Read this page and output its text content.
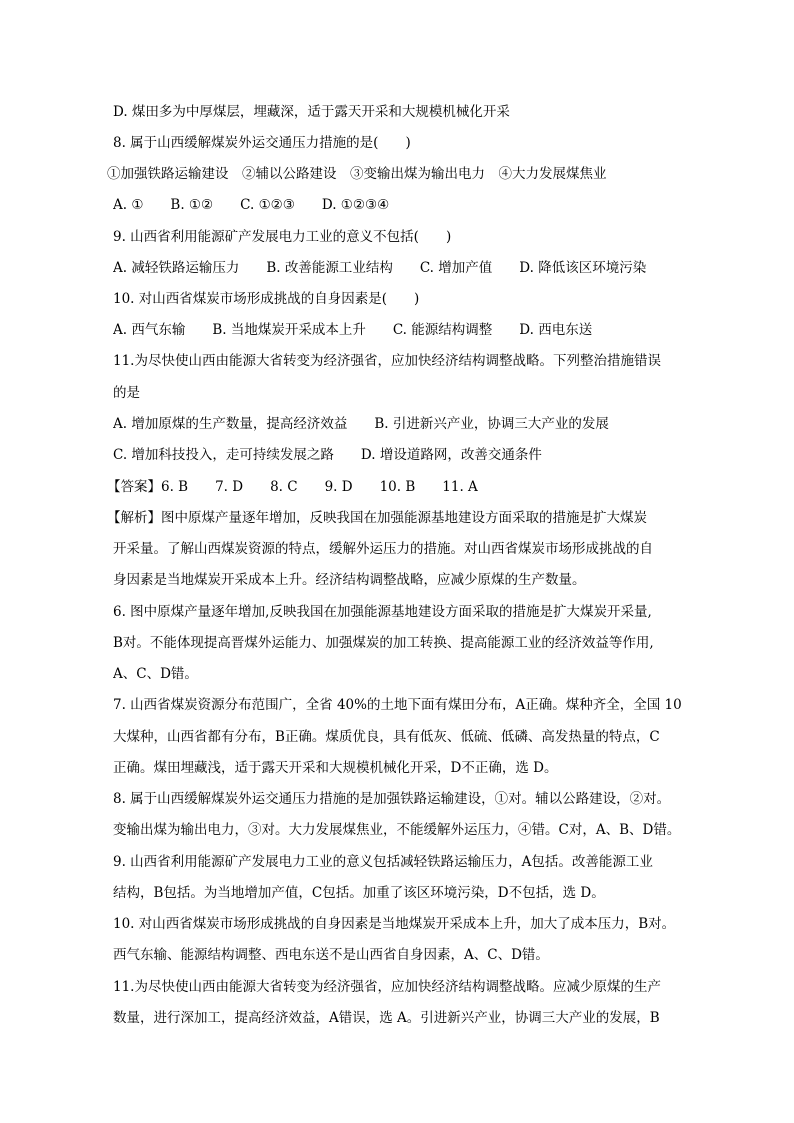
D. 煤田多为中厚煤层，埋藏深，适于露天开采和大规模机械化开采
8. 属于山西缓解煤炭外运交通压力措施的是(　　)
①加强铁路运输建设　②辅以公路建设　③变输出煤为输出电力　④大力发展煤焦业
A. ①　　B. ①②　　C. ①②③　　D. ①②③④
9. 山西省利用能源矿产发展电力工业的意义不包括(　　)
A. 减轻铁路运输压力　　B. 改善能源工业结构　　C. 增加产值　　D. 降低该区环境污染
10. 对山西省煤炭市场形成挑战的自身因素是(　　)
A. 西气东输　　B. 当地煤炭开采成本上升　　C. 能源结构调整　　D. 西电东送
11.为尽快使山西由能源大省转变为经济强省，应加快经济结构调整战略。下列整治措施错误
的是
A. 增加原煤的生产数量，提高经济效益　　B. 引进新兴产业，协调三大产业的发展
C. 增加科技投入，走可持续发展之路　　D. 增设道路网，改善交通条件
【答案】6. B　　7. D　　8. C　　9. D　　10. B　　11. A
【解析】图中原煤产量逐年增加，反映我国在加强能源基地建设方面采取的措施是扩大煤炭
开采量。了解山西煤炭资源的特点，缓解外运压力的措施。对山西省煤炭市场形成挑战的自
身因素是当地煤炭开采成本上升。经济结构调整战略，应减少原煤的生产数量。
6. 图中原煤产量逐年增加,反映我国在加强能源基地建设方面采取的措施是扩大煤炭开采量,
B对。不能体现提高晋煤外运能力、加强煤炭的加工转换、提高能源工业的经济效益等作用,
A、C、D错。
7. 山西省煤炭资源分布范围广，全省 40%的土地下面有煤田分布，A正确。煤种齐全，全国 10
大煤种，山西省都有分布，B正确。煤质优良，具有低灰、低硫、低磷、高发热量的特点，C
正确。煤田埋藏浅，适于露天开采和大规模机械化开采，D不正确，选 D。
8. 属于山西缓解煤炭外运交通压力措施的是加强铁路运输建设，①对。辅以公路建设，②对。
变输出煤为输出电力，③对。大力发展煤焦业，不能缓解外运压力，④错。C对，A、B、D错。
9. 山西省利用能源矿产发展电力工业的意义包括减轻铁路运输压力，A包括。改善能源工业
结构，B包括。为当地增加产值，C包括。加重了该区环境污染，D不包括，选 D。
10. 对山西省煤炭市场形成挑战的自身因素是当地煤炭开采成本上升，加大了成本压力，B对。
西气东输、能源结构调整、西电东送不是山西省自身因素，A、C、D错。
11.为尽快使山西由能源大省转变为经济强省，应加快经济结构调整战略。应减少原煤的生产
数量，进行深加工，提高经济效益，A错误，选 A。引进新兴产业，协调三大产业的发展，B
